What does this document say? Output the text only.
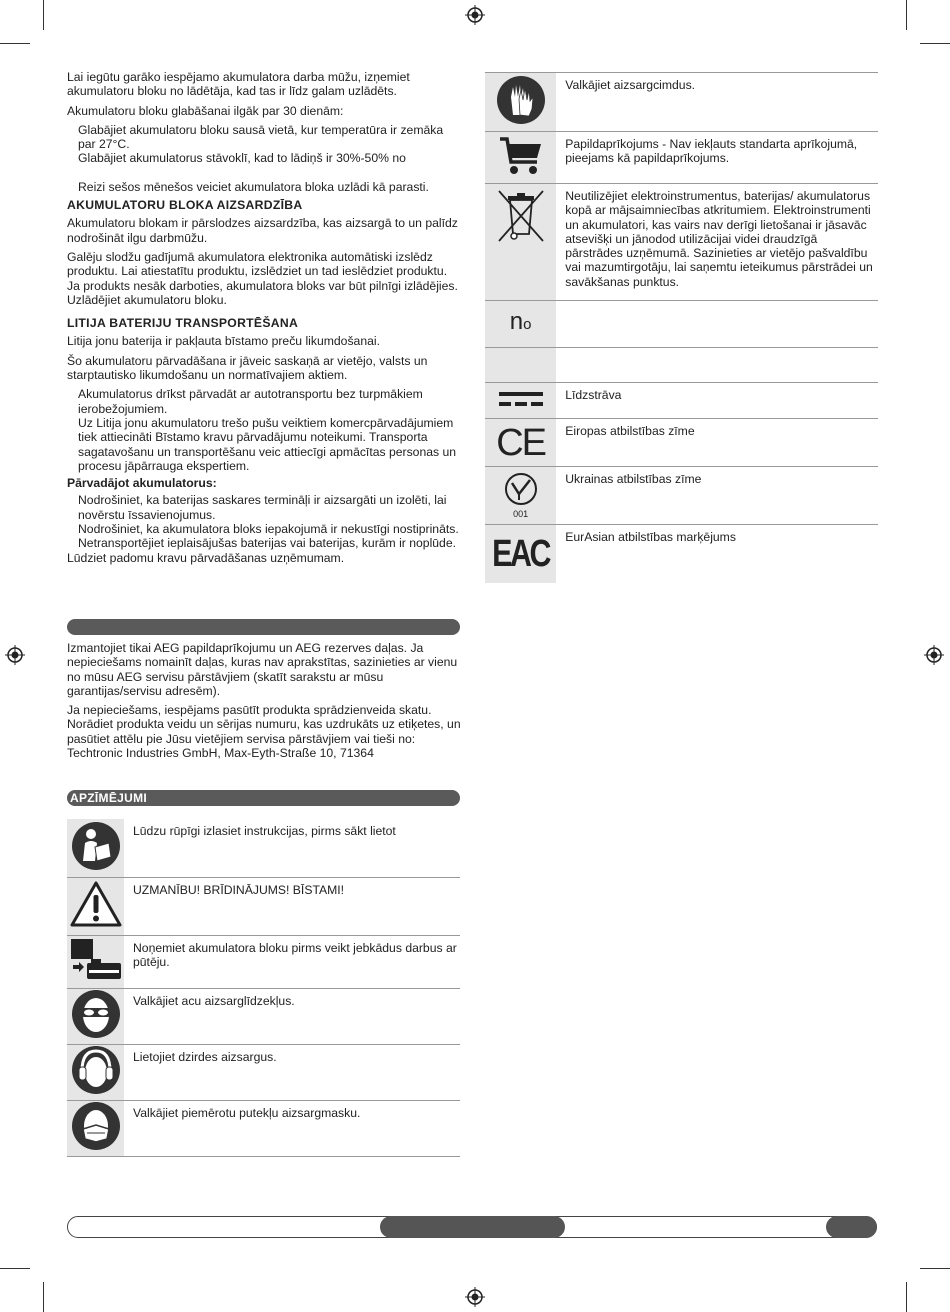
Lai iegūtu garāko iespējamo akumulatora darba mūžu, izņemiet akumulatoru bloku no lādētāja, kad tas ir līdz galam uzlādēts.

Akumulatoru bloku glabāšanai ilgāk par 30 dienām:

Glabājiet akumulatoru bloku sausā vietā, kur temperatūra ir zemāka par 27°C.

Glabājiet akumulatorus stāvoklī, kad to lādiņš ir 30%-50% no

Reizi sešos mēnešos veiciet akumulatora bloka uzlādi kā parasti.

AKUMULATORU BLOKA AIZSARDZĪBA

Akumulatoru blokam ir pārslodzes aizsardzība, kas aizsargā to un palīdz nodrošināt ilgu darbmūžu.

Galēju slodžu gadījumā akumulatora elektronika automātiski izslēdz produktu. Lai atiestatītu produktu, izslēdziet un tad ieslēdziet produktu. Ja produkts nesāk darboties, akumulatora bloks var būt pilnīgi izlādējies. Uzlādējiet akumulatoru bloku.

LITIJA BATERIJU TRANSPORTĒŠANA

Litija jonu baterija ir pakļauta bīstamo preču likumdošanai.

Šo akumulatoru pārvadāšana ir jāveic saskaņā ar vietējo, valsts un starptautisko likumdošanu un normatīvajiem aktiem.

Akumulatorus drīkst pārvadāt ar autotransportu bez turpmākiem ierobežojumiem.

Uz Litija jonu akumulatoru trešo pušu veiktiem komercpārvadājumiem tiek attiecināti Bīstamo kravu pārvadājumu noteikumi. Transporta sagatavošanu un transportēšanu veic attiecīgi apmācītas personas un procesu jāpārrauga ekspertiem.

Pārvadājot akumulatorus:

Nodrošiniet, ka baterijas saskares termināļi ir aizsargāti un izolēti, lai novērstu īssavienojumus.

Nodrošiniet, ka akumulatora bloks iepakojumā ir nekustīgi nostiprināts.

Netransportējiet ieplaisājušas baterijas vai baterijas, kurām ir noplūde.

Lūdziet padomu kravu pārvadāšanas uzņēmumam.

Izmantojiet tikai AEG papildaprīkojumu un AEG rezerves daļas. Ja nepieciešams nomainīt daļas, kuras nav aprakstītas, sazinieties ar vienu no mūsu AEG servisu pārstāvjiem (skatīt sarakstu ar mūsu garantijas/servisu adresēm).

Ja nepieciešams, iespējams pasūtīt produkta sprādzienveida skatu. Norādiet produkta veidu un sērijas numuru, kas uzdrukāts uz etiķetes, un pasūtiet attēlu pie Jūsu vietējiem servisa pārstāvjiem vai tieši no: Techtronic Industries GmbH, Max-Eyth-Straße 10, 71364

APZĪMĒJUMI
	Lūdzu rūpīgi izlasiet instrukcijas, pirms sākt lietot
	UZMANĪBU! BRĪDINĀJUMS! BĪSTAMI!
	Noņemiet akumulatora bloku pirms veikt jebkādus darbus ar pūtēju.
	Valkājiet acu aizsarglīdzekļus.
	Lietojiet dzirdes aizsargus.
	Valkājiet piemērotu putekļu aizsargmasku.
	Valkājiet aizsargcimdus.
	Papildaprīkojums - Nav iekļauts standarta aprīkojumā, pieejams kā papildaprīkojums.
	Neutilizējiet elektroinstrumentus, baterijas/ akumulatorus kopā ar mājsaimniecības atkritumiem. Elektroinstrumenti un akumulatori, kas vairs nav derīgi lietošanai ir jāsavāc atsevišķi un jānodod utilizācijai videi draudzīgā pārstrādes uzņēmumā. Sazinieties ar vietējo pašvaldību vai mazumtirgotāju, lai saņemtu ieteikumus pārstrādei un savākšanas punktus.
no	

	Līdzstrāva
CE	Eiropas atbilstības zīme

001	Ukrainas atbilstības zīme
EAC	EurAsian atbilstības marķējums
